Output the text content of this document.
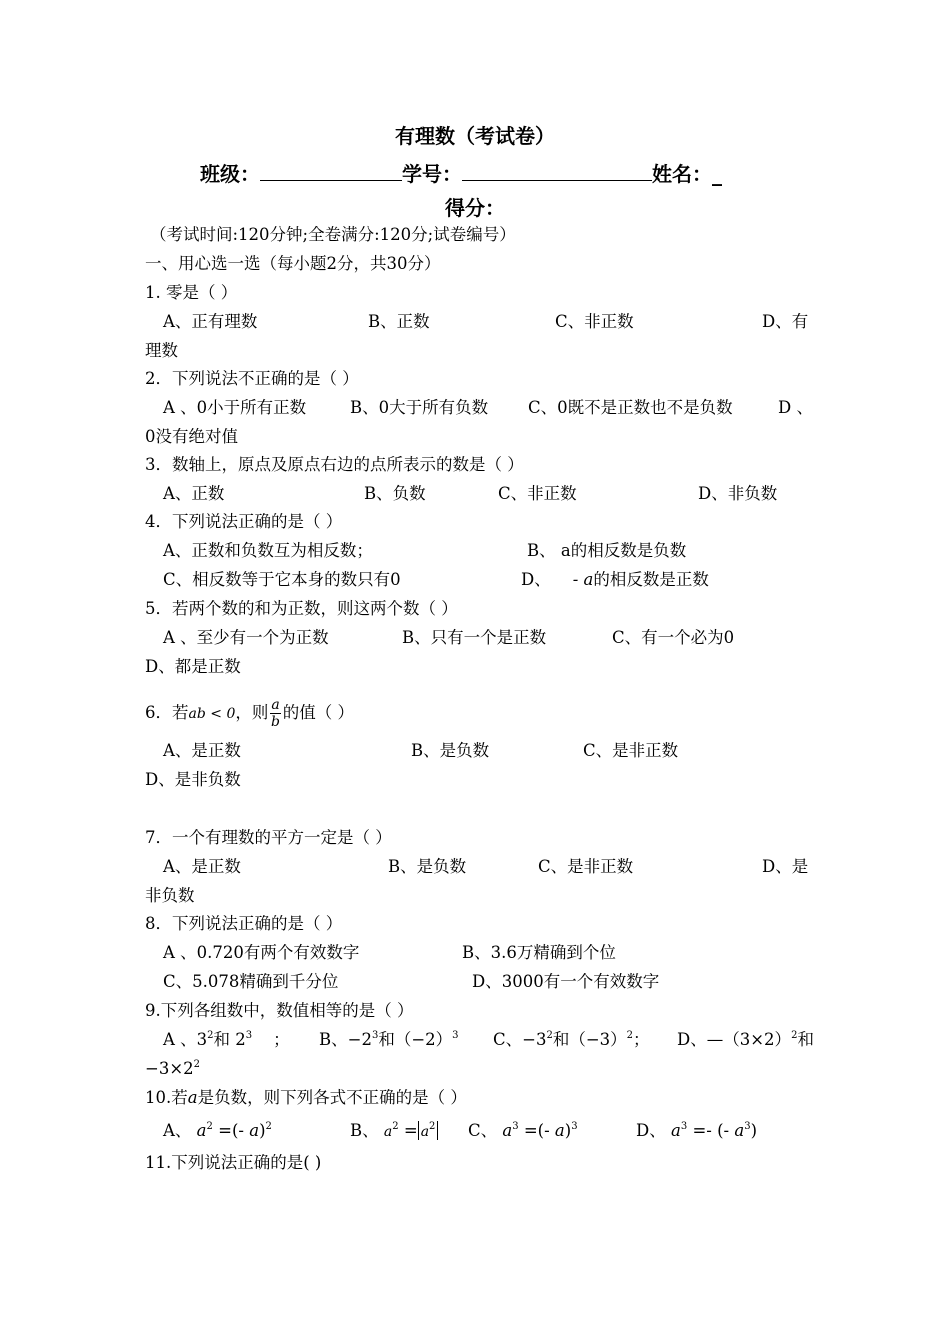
有理数（考试卷）
班级：	学号：	姓名：_
得分：
（考试时间:120分钟;全卷满分:120分;试卷编号）
一、用心选一选（每小题2分，共30分）
1. 零是（ ）
A、正有理数	B、正数	C、非正数	D、有
理数
2．下列说法不正确的是（ ）
A 、0小于所有正数	B、0大于所有负数 C、0既不是正数也不是负数	D 、
0没有绝对值
3．数轴上，原点及原点右边的点所表示的数是（ ）
A、正数	B、负数	C、非正数	D、非负数
4．下列说法正确的是（ ）
A、正数和负数互为相反数；	B、 a的相反数是负数
C、相反数等于它本身的数只有0	D、 - a的相反数是正数
5．若两个数的和为正数，则这两个数（ ）
A 、至少有一个为正数	B、只有一个是正数	C、有一个必为0
D、都是正数
6．若ab < 0，则 $\frac{a}{b}$ 的值（ ）
A、是正数	B、是负数	C、是非正数
D、是非负数
7．一个有理数的平方一定是（ ）
A、是正数	B、是负数	C、是非正数	D、是
非负数
8．下列说法正确的是（ ）
A 、0.720有两个有效数字	B、3.6万精确到个位
C、5.078精确到千分位	D、3000有一个有效数字
9.下列各组数中，数值相等的是（ ）
A 、$3^2$和 $2^3$    ； B、$-2^3$和$(-2)^3$ C、$-3^2$和$(-3)^2$； D、$—(3\times 2)^2$和
$-3\times 2^2$
10.若a是负数，则下列各式不正确的是（ ）
A、 $a^2$ =(- a)$^2$	B、 $a^2 = a^2$ C、 $a^3$ =(- a)$^3$	D、 $a^3$ =- (- $a^3$)
11.下列说法正确的是( )
